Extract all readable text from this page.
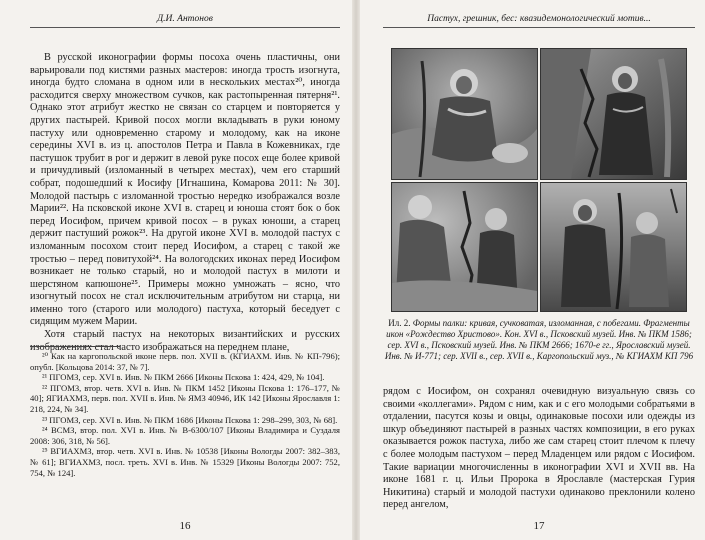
Д.И. Антонов

В русской иконографии формы посоха очень пластичны, они варьировали под кистями разных мастеров: иногда трость изогнута, иногда будто сломана в одном или в нескольких местах²⁰, иногда расходится сверху множеством сучков, как растопыренная пятерня²¹. Однако этот атрибут жестко не связан со старцем и повторяется у других пастырей. Кривой посох могли вкладывать в руки юному пастуху или одновременно старому и молодому, как на иконе середины XVI в. из ц. апостолов Петра и Павла в Кожевниках, где пастушок трубит в рог и держит в левой руке посох еще более кривой и причудливый (изломанный в четырех местах), чем его старший собрат, подошедший к Иосифу [Игнашина, Комарова 2011: № 30]. Молодой пастырь с изломанной тростью нередко изображался возле Марии²². На псковской иконе XVI в. старец и юноша стоят бок о бок перед Иосифом, причем кривой посох – в руках юноши, а старец держит пастуший рожок²³. На другой иконе XVI в. молодой пастух с изломанным посохом стоит перед Иосифом, а старец с такой же тростью – перед повитухой²⁴. На вологодских иконах перед Иосифом возникает не только старый, но и молодой пастух в милоти и шерстяном капюшоне²⁵. Примеры можно умножать – ясно, что изогнутый посох не стал исключительным атрибутом ни старца, ни именно того (старого или молодого) пастуха, который беседует с сидящим мужем Марии.

Хотя старый пастух на некоторых византийских и русских изображениях стал часто изображаться на переднем плане,

²⁰ Как на каргопольской иконе перв. пол. XVII в. (КГИАХМ. Инв. № КП-796); опубл. [Кольцова 2014: 37, № 7].

²¹ ПГОМЗ, сер. XVI в. Инв. № ПКМ 2666 [Иконы Пскова 1: 424, 429, № 104].

²² ПГОМЗ, втор. четв. XVI в. Инв. № ПКМ 1452 [Иконы Пскова 1: 176–177, № 40]; ЯГИАХМЗ, перв. пол. XVII в. Инв. № ЯМЗ 40946, ИК 142 [Иконы Ярославля 1: 218, 224, № 34].

²³ ПГОМЗ, сер. XVI в. Инв. № ПКМ 1686 [Иконы Пскова 1: 298–299, 303, № 68].

²⁴ ВСМЗ, втор. пол. XVI в. Инв. № В-6300/107 [Иконы Владимира и Суздаля 2008: 306, 318, № 56].

²⁵ ВГИАХМЗ, втор. четв. XVI в. Инв. № 10538 [Иконы Вологды 2007: 382–383, № 61]; ВГИАХМЗ, посл. треть. XVI в. Инв. № 15329 [Иконы Вологды 2007: 752, 754, № 124].

16
Пастух, грешник, бес: квазидемонологический мотив...
Ил. 2. Формы палки: кривая, сучковатая, изломанная, с побегами. Фрагменты икон «Рождество Христово». Кон. XVI в., Псковский музей. Инв. № ПКМ 1586; сер. XVI в., Псковский музей. Инв. № ПКМ 2666; 1670-е гг., Ярославский музей. Инв. № И-771; сер. XVII в., сер. XVII в., Каргопольский муз., № КГИАХМ КП 796

рядом с Иосифом, он сохранял очевидную визуальную связь со своими «коллегами». Рядом с ним, как и с его молодыми собратьями в отдалении, пасутся козы и овцы, одинаковые посохи или одежды из шкур объединяют пастырей в разных частях композиции, в его руках оказывается рожок пастуха, либо же сам старец стоит плечом к плечу с более молодым пастухом – перед Младенцем или рядом с Иосифом. Такие вариации многочисленны в иконографии XVI и XVII вв. На иконе 1681 г. ц. Ильи Пророка в Ярославле (мастерская Гурия Никитина) старый и молодой пастухи одинаково преклонили колено перед ангелом,

17
